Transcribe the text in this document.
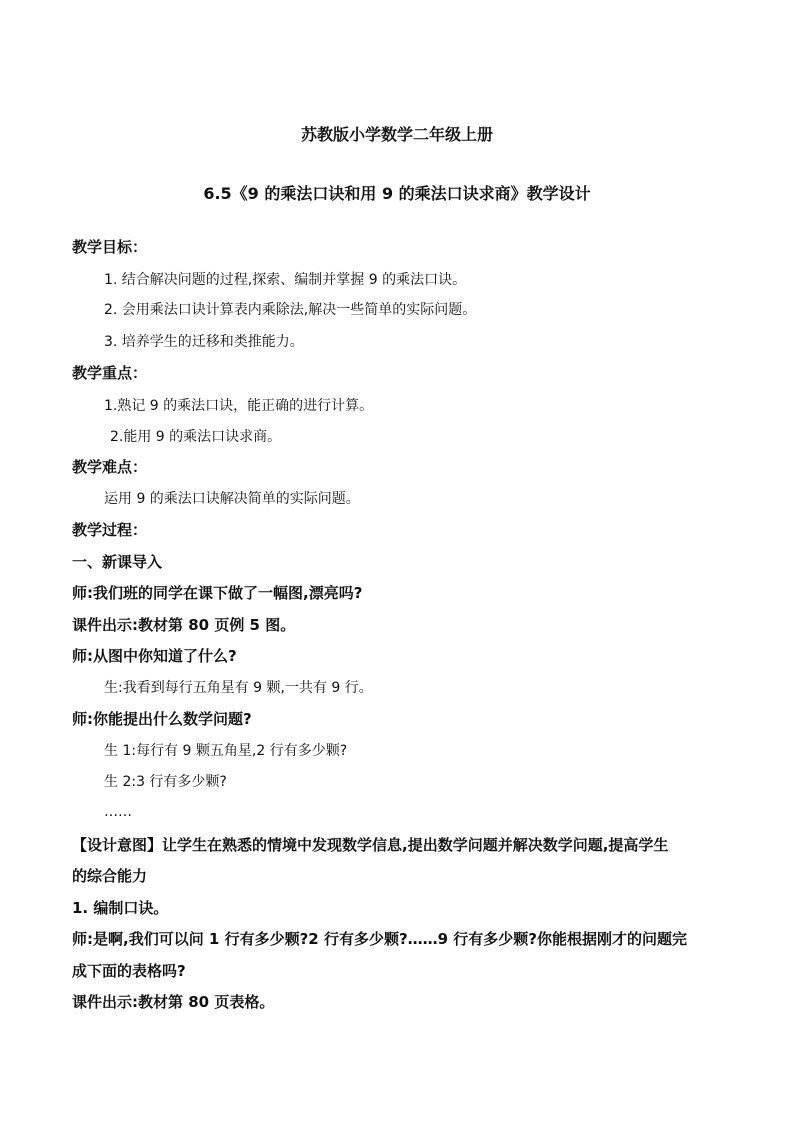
苏教版小学数学二年级上册
6.5《9 的乘法口诀和用 9 的乘法口诀求商》教学设计
教学目标：
1. 结合解决问题的过程,探索、编制并掌握 9 的乘法口诀。
2. 会用乘法口诀计算表内乘除法,解决一些简单的实际问题。
3. 培养学生的迁移和类推能力。
教学重点：
1.熟记 9 的乘法口诀，能正确的进行计算。
2.能用 9 的乘法口诀求商。
教学难点：
运用 9 的乘法口诀解决简单的实际问题。
教学过程：
一、新课导入
师:我们班的同学在课下做了一幅图,漂亮吗?
课件出示:教材第 80 页例 5 图。
师:从图中你知道了什么?
生:我看到每行五角星有 9 颗,一共有 9 行。
师:你能提出什么数学问题?
生 1:每行有 9 颗五角星,2 行有多少颗?
生 2:3 行有多少颗?
……
【设计意图】让学生在熟悉的情境中发现数学信息,提出数学问题并解决数学问题,提高学生
的综合能力
1. 编制口诀。
师:是啊,我们可以问 1 行有多少颗?2 行有多少颗?……9 行有多少颗?你能根据刚才的问题完
成下面的表格吗?
课件出示:教材第 80 页表格。
